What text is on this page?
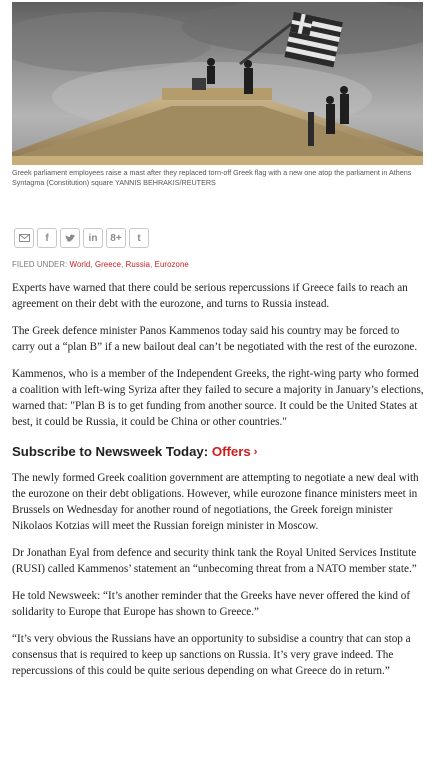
Greek parliament employees raise a mast after they replaced torn-off Greek flag with a new one atop the parliament in Athens Syntagma (Constitution) square YANNIS BEHRAKIS/REUTERS
f	in 8+ t
FILED UNDER: World, Greece, Russia, Eurozone

Experts have warned that there could be serious repercussions if Greece fails to reach an agreement on their debt with the eurozone, and turns to Russia instead.

The Greek defence minister Panos Kammenos today said his country may be forced to carry out a “plan B” if a new bailout deal can’t be negotiated with the rest of the eurozone.

Kammenos, who is a member of the Independent Greeks, the right-wing party who formed a coalition with left-wing Syriza after they failed to secure a majority in January’s elections, warned that: "Plan B is to get funding from another source. It could be the United States at best, it could be Russia, it could be China or other countries."

Subscribe to Newsweek Today: Offers ›

The newly formed Greek coalition government are attempting to negotiate a new deal with the eurozone on their debt obligations. However, while eurozone finance ministers meet in Brussels on Wednesday for another round of negotiations, the Greek foreign minister Nikolaos Kotzias will meet the Russian foreign minister in Moscow.

Dr Jonathan Eyal from defence and security think tank the Royal United Services Institute (RUSI) called Kammenos’ statement an “unbecoming threat from a NATO member state.”

He told Newsweek: “It’s another reminder that the Greeks have never offered the kind of solidarity to Europe that Europe has shown to Greece.”

“It’s very obvious the Russians have an opportunity to subsidise a country that can stop a consensus that is required to keep up sanctions on Russia. It’s very grave indeed. The repercussions of this could be quite serious depending on what Greece do in return.”
